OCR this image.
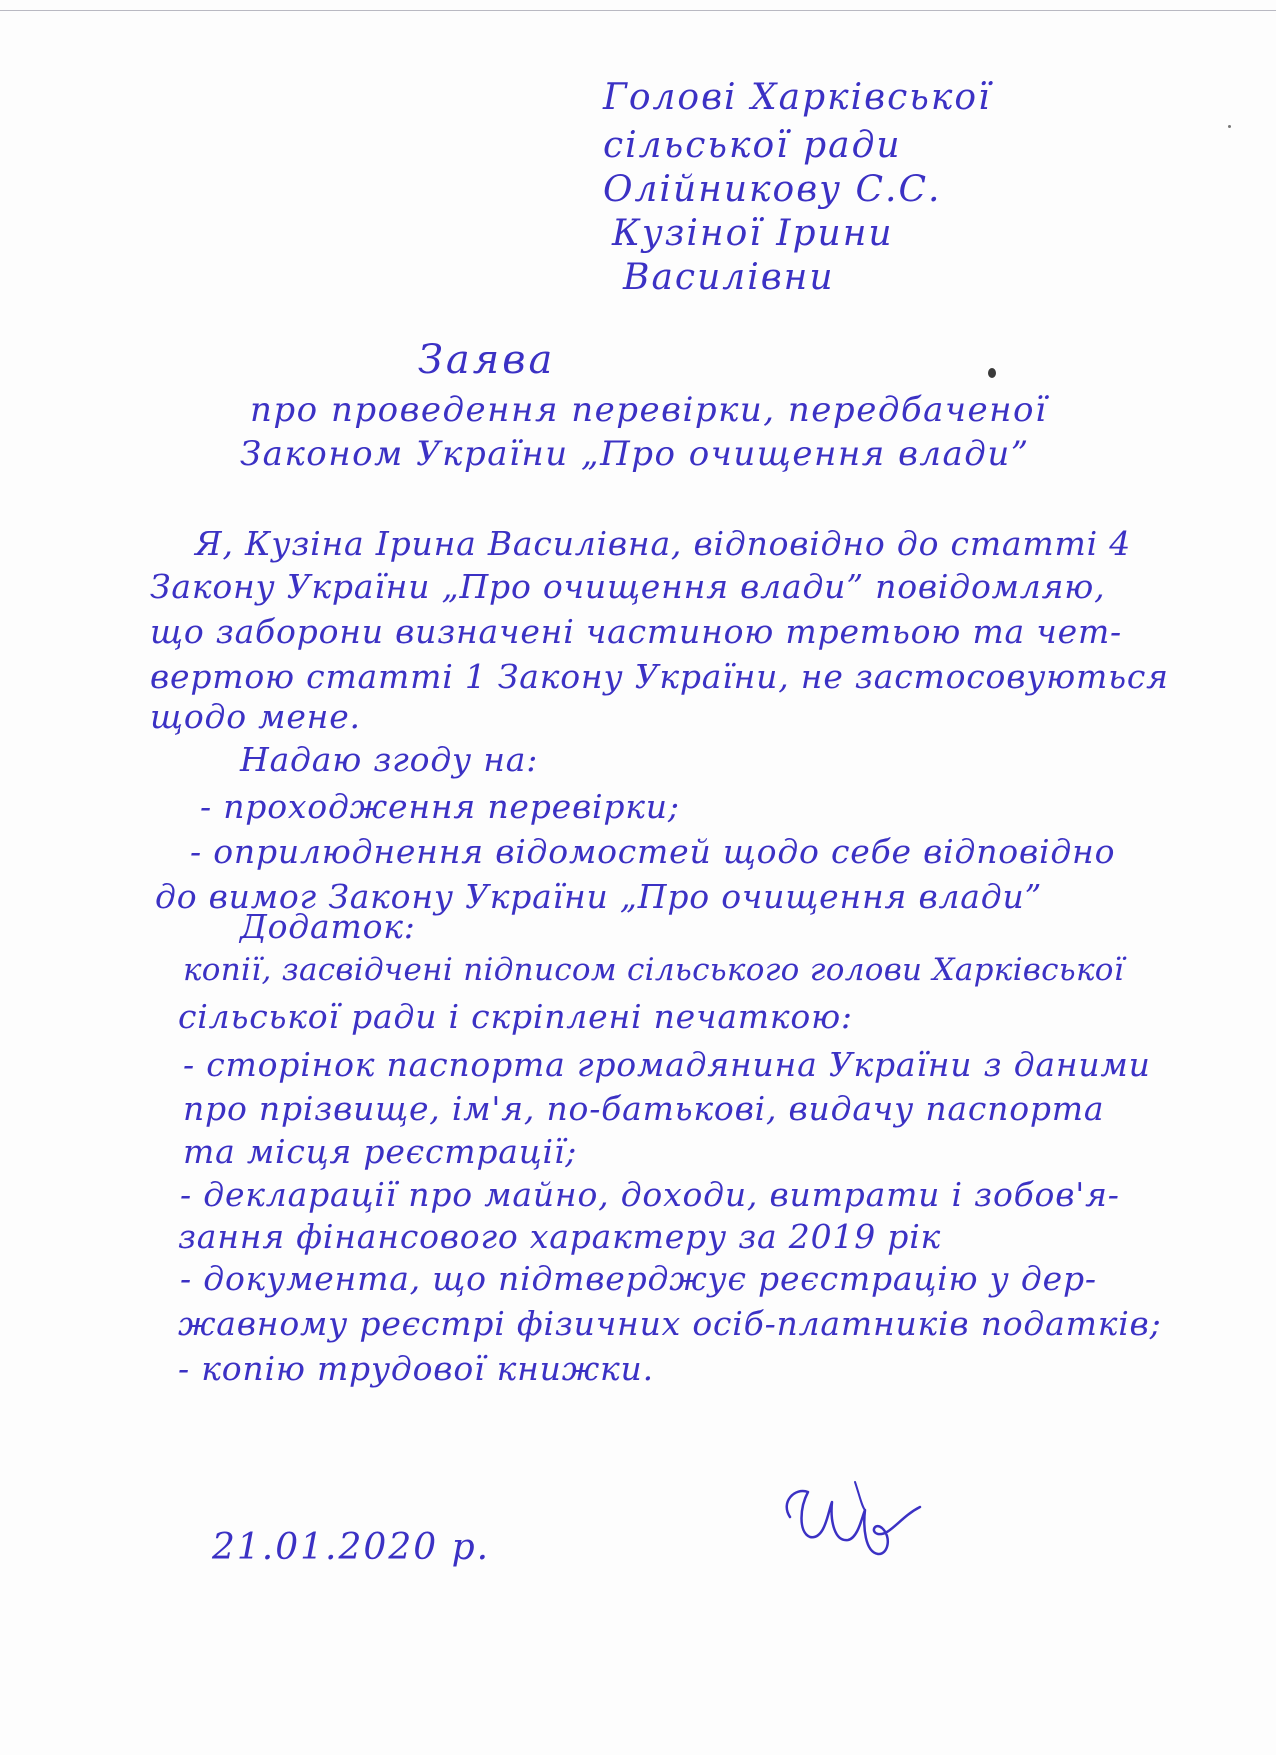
Голові Харківської
сільської ради
Олійникову С.С.
Кузіної Ірини
Василівни
Заява
про проведення перевірки, передбаченої
Законом України „Про очищення влади”
Я, Кузіна Ірина Василівна, відповідно до статті 4
Закону України „Про очищення влади” повідомляю,
що заборони визначені частиною третьою та чет-
вертою статті 1 Закону України, не застосовуються
щодо мене.
Надаю згоду на:
- проходження перевірки;
- оприлюднення відомостей щодо себе відповідно
до вимог Закону України „Про очищення влади”
Додаток:
копії, засвідчені підписом сільського голови Харківської
сільської ради і скріплені печаткою:
- сторінок паспорта громадянина України з даними
про прізвище, ім'я, по-батькові, видачу паспорта
та місця реєстрації;
- декларації про майно, доходи, витрати і зобов'я-
зання фінансового характеру за 2019 рік
- документа, що підтверджує реєстрацію у дер-
жавному реєстрі фізичних осіб-платників податків;
- копію трудової книжки.
21.01.2020 р.
